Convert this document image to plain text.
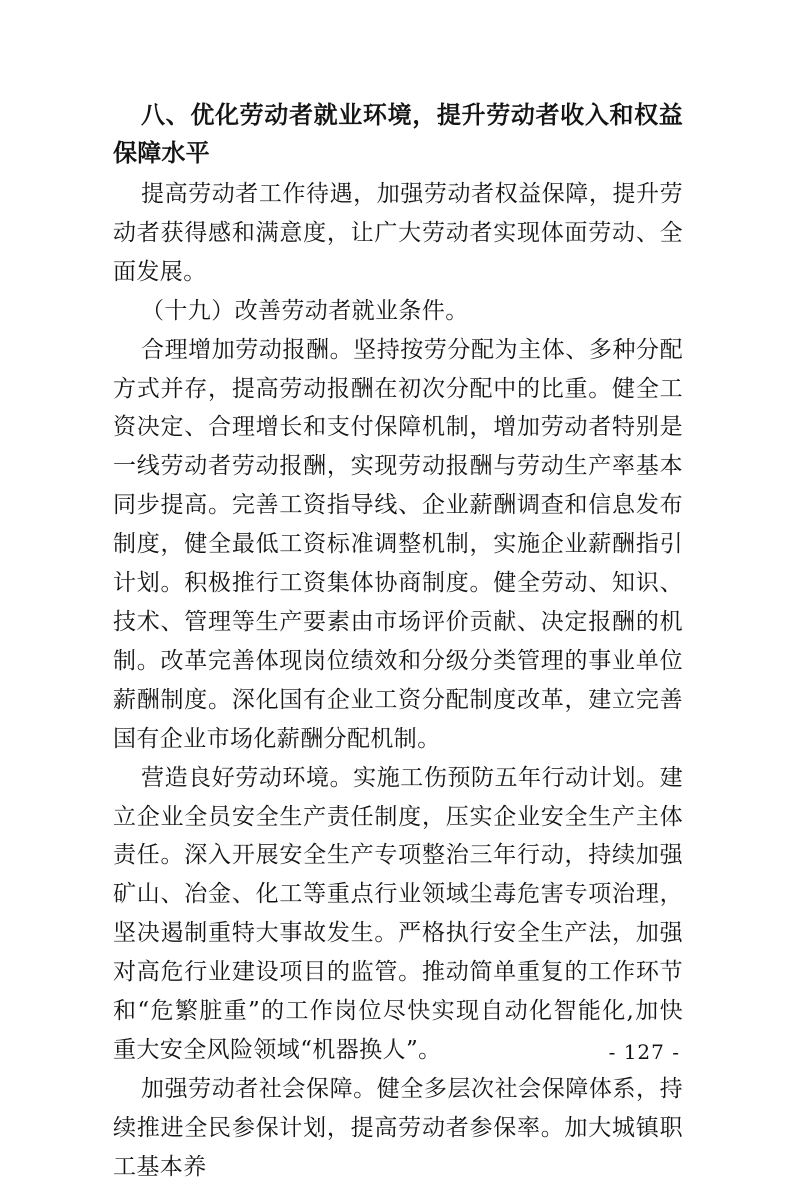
八、优化劳动者就业环境，提升劳动者收入和权益保障水平

提高劳动者工作待遇，加强劳动者权益保障，提升劳动者获得感和满意度，让广大劳动者实现体面劳动、全面发展。

（十九）改善劳动者就业条件。

合理增加劳动报酬。坚持按劳分配为主体、多种分配方式并存，提高劳动报酬在初次分配中的比重。健全工资决定、合理增长和支付保障机制，增加劳动者特别是一线劳动者劳动报酬，实现劳动报酬与劳动生产率基本同步提高。完善工资指导线、企业薪酬调查和信息发布制度，健全最低工资标准调整机制，实施企业薪酬指引计划。积极推行工资集体协商制度。健全劳动、知识、技术、管理等生产要素由市场评价贡献、决定报酬的机制。改革完善体现岗位绩效和分级分类管理的事业单位薪酬制度。深化国有企业工资分配制度改革，建立完善国有企业市场化薪酬分配机制。

营造良好劳动环境。实施工伤预防五年行动计划。建立企业全员安全生产责任制度，压实企业安全生产主体责任。深入开展安全生产专项整治三年行动，持续加强矿山、冶金、化工等重点行业领域尘毒危害专项治理，坚决遏制重特大事故发生。严格执行安全生产法，加强对高危行业建设项目的监管。推动简单重复的工作环节和“危繁脏重”的工作岗位尽快实现自动化智能化,加快重大安全风险领域“机器换人”。

加强劳动者社会保障。健全多层次社会保障体系，持续推进全民参保计划，提高劳动者参保率。加大城镇职工基本养

- 127 -
